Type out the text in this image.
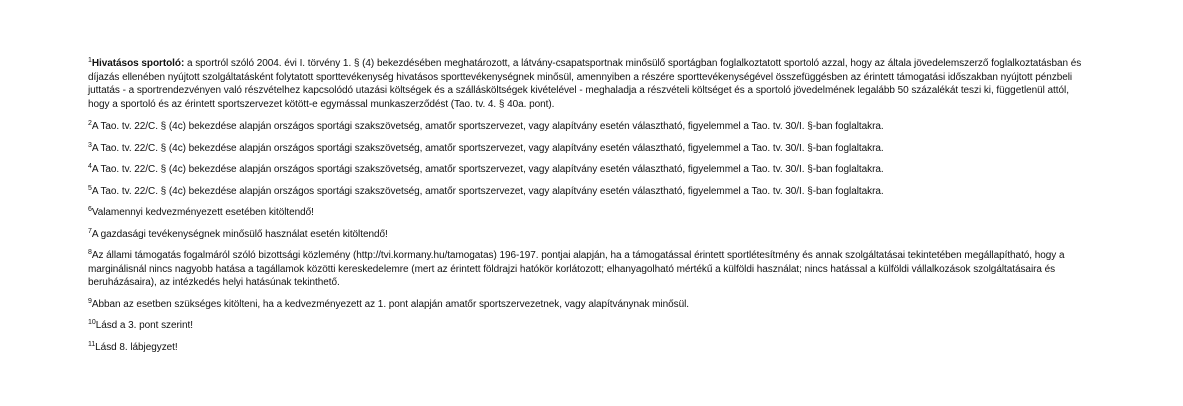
$^1$Hivatásos sportoló: a sportról szóló 2004. évi I. törvény 1. § (4) bekezdésében meghatározott, a látvány-csapatsportnak minősülő sportágban foglalkoztatott sportoló azzal, hogy az általa jövedelemszerző foglalkoztatásban és díjazás ellenében nyújtott szolgáltatásként folytatott sporttevékenység hivatásos sporttevékenységnek minősül, amennyiben a részére sporttevékenységével összefüggésben az érintett támogatási időszakban nyújtott pénzbeli juttatás - a sportrendezvényen való részvételhez kapcsolódó utazási költségek és a szállásköltségek kivételével - meghaladja a részvételi költséget és a sportoló jövedelmének legalább 50 százalékát teszi ki, függetlenül attól, hogy a sportoló és az érintett sportszervezet kötött-e egymással munkaszerződést (Tao. tv. 4. § 40a. pont).

$^2$A Tao. tv. 22/C. § (4c) bekezdése alapján országos sportági szakszövetség, amatőr sportszervezet, vagy alapítvány esetén választható, figyelemmel a Tao. tv. 30/I. §-ban foglaltakra.

$^3$A Tao. tv. 22/C. § (4c) bekezdése alapján országos sportági szakszövetség, amatőr sportszervezet, vagy alapítvány esetén választható, figyelemmel a Tao. tv. 30/I. §-ban foglaltakra.

$^4$A Tao. tv. 22/C. § (4c) bekezdése alapján országos sportági szakszövetség, amatőr sportszervezet, vagy alapítvány esetén választható, figyelemmel a Tao. tv. 30/I. §-ban foglaltakra.

$^5$A Tao. tv. 22/C. § (4c) bekezdése alapján országos sportági szakszövetség, amatőr sportszervezet, vagy alapítvány esetén választható, figyelemmel a Tao. tv. 30/I. §-ban foglaltakra.

$^6$Valamennyi kedvezményezett esetében kitöltendő!

$^7$A gazdasági tevékenységnek minősülő használat esetén kitöltendő!

$^8$Az állami támogatás fogalmáról szóló bizottsági közlemény (http://tvi.kormany.hu/tamogatas) 196-197. pontjai alapján, ha a támogatással érintett sportlétesítmény és annak szolgáltatásai tekintetében megállapítható, hogy a marginálisnál nincs nagyobb hatása a tagállamok közötti kereskedelemre (mert az érintett földrajzi hatókör korlátozott; elhanyagolható mértékű a külföldi használat; nincs hatással a külföldi vállalkozások szolgáltatásaira és beruházásaira), az intézkedés helyi hatásúnak tekinthető.

$^9$Abban az esetben szükséges kitölteni, ha a kedvezményezett az 1. pont alapján amatőr sportszervezetnek, vagy alapítványnak minősül.

$^{10}$Lásd a 3. pont szerint!

$^{11}$Lásd 8. lábjegyzet!
